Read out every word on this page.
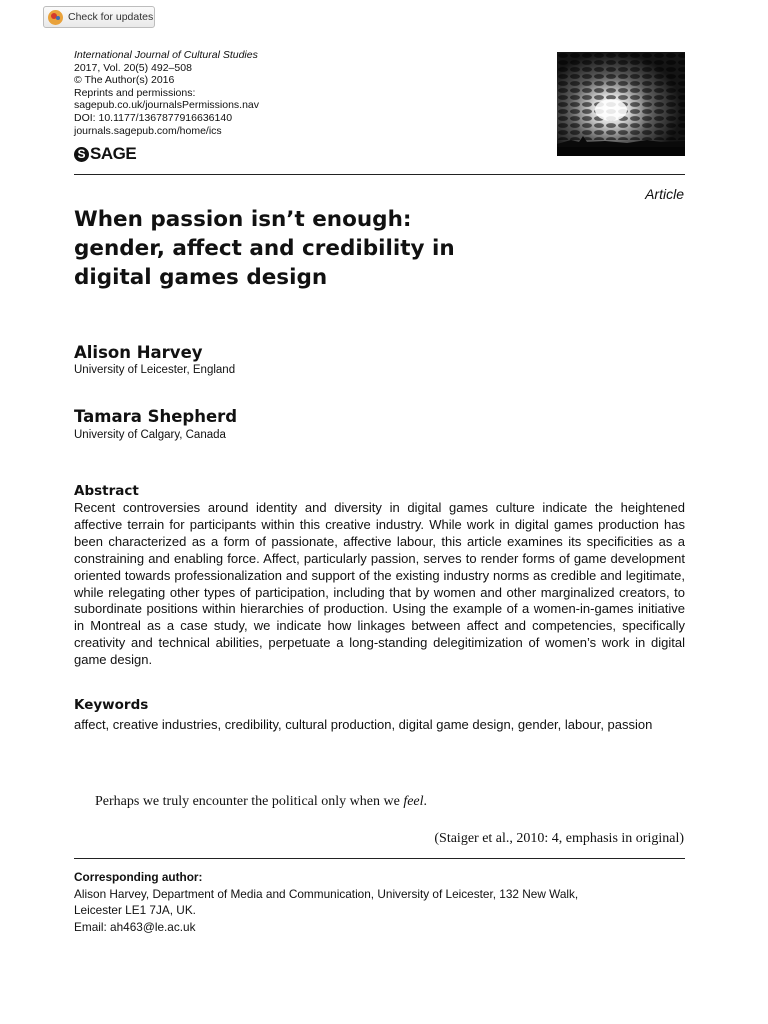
Check for updates
International Journal of Cultural Studies
2017, Vol. 20(5) 492–508
© The Author(s) 2016
Reprints and permissions:
sagepub.co.uk/journalsPermissions.nav
DOI: 10.1177/1367877916636140
journals.sagepub.com/home/ics
S SAGE
Article
When passion isn’t enough:
gender, affect and credibility in
digital games design
Alison Harvey
University of Leicester, England
Tamara Shepherd
University of Calgary, Canada
Abstract
Recent controversies around identity and diversity in digital games culture indicate the heightened affective terrain for participants within this creative industry. While work in digital games production has been characterized as a form of passionate, affective labour, this article examines its specificities as a constraining and enabling force. Affect, particularly passion, serves to render forms of game development oriented towards professionalization and support of the existing industry norms as credible and legitimate, while relegating other types of participation, including that by women and other marginalized creators, to subordinate positions within hierarchies of production. Using the example of a women-in-games initiative in Montreal as a case study, we indicate how linkages between affect and competencies, specifically creativity and technical abilities, perpetuate a long-standing delegitimization of women’s work in digital game design.
Keywords
affect, creative industries, credibility, cultural production, digital game design, gender, labour, passion
Perhaps we truly encounter the political only when we feel.
(Staiger et al., 2010: 4, emphasis in original)
Corresponding author:
Alison Harvey, Department of Media and Communication, University of Leicester, 132 New Walk,
Leicester LE1 7JA, UK.
Email: ah463@le.ac.uk
